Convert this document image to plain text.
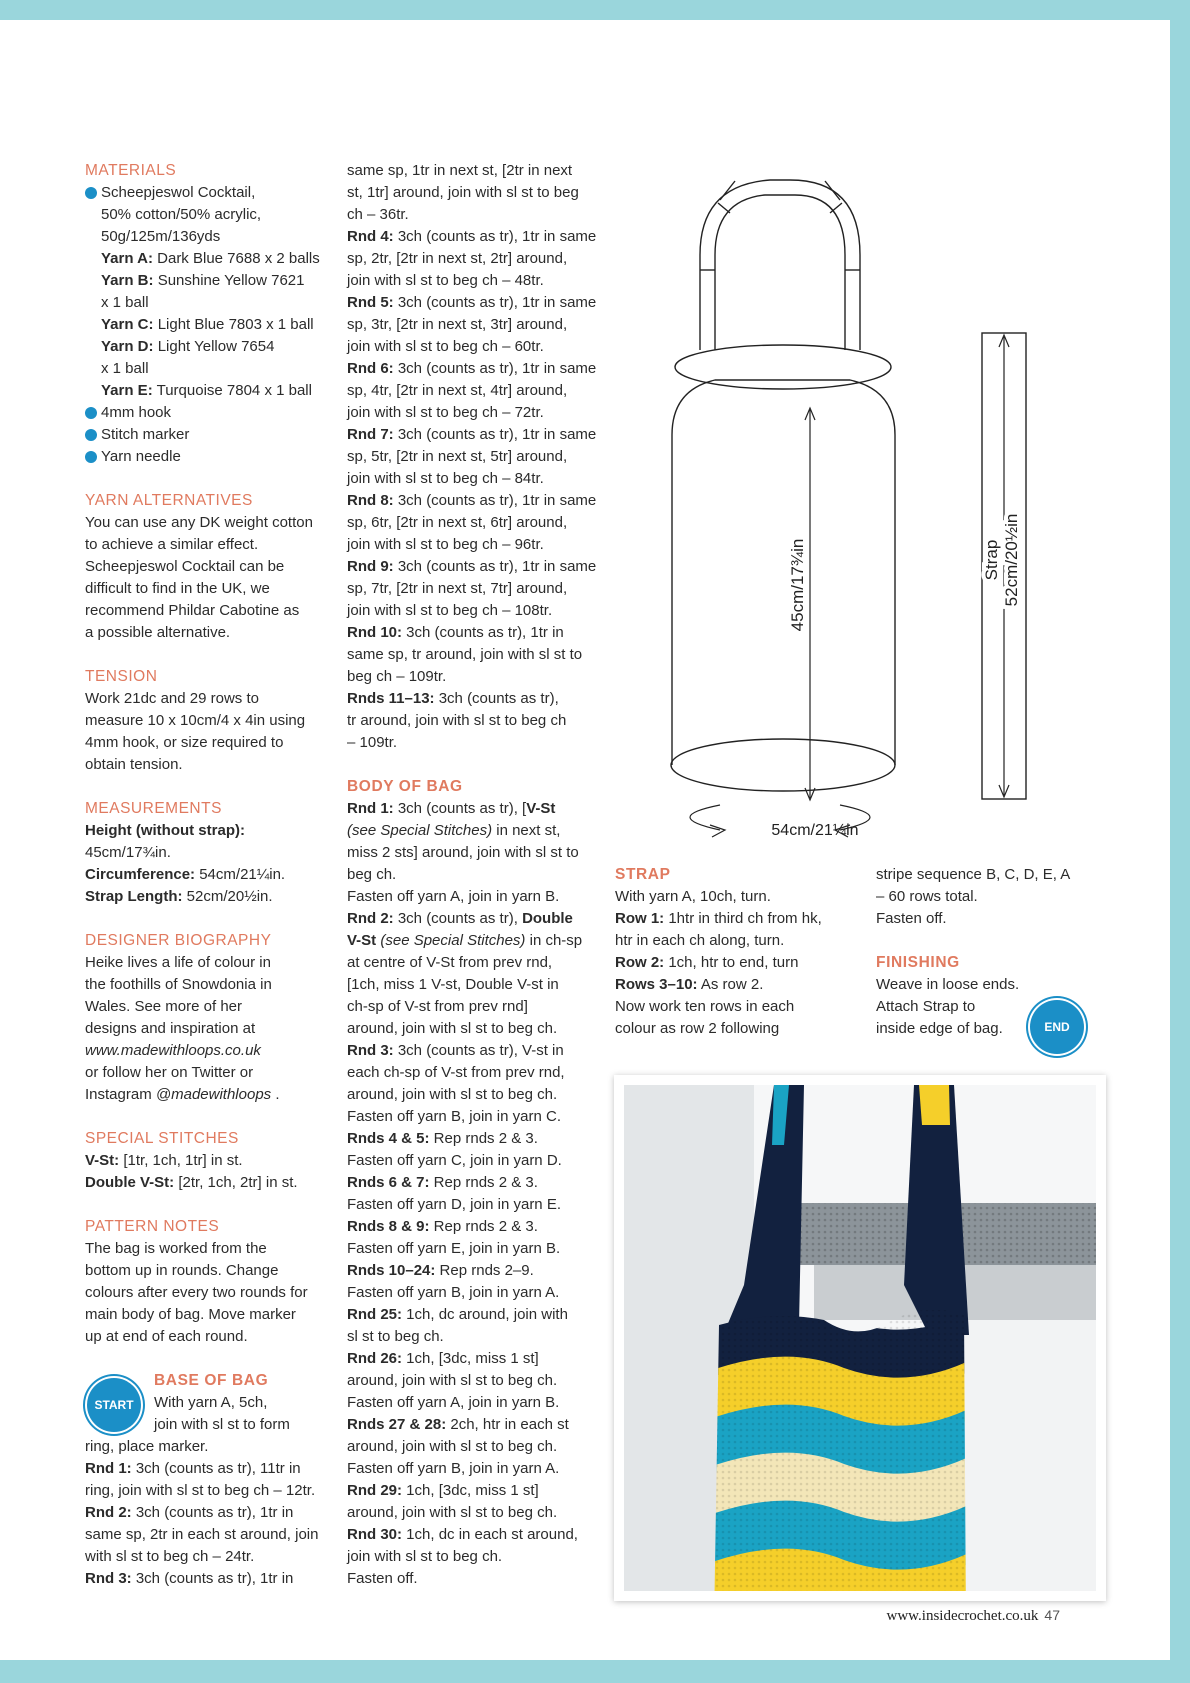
MATERIALS

Scheepjeswol Cocktail,

50% cotton/50% acrylic,

50g/125m/136yds

Yarn A: Dark Blue 7688 x 2 balls

Yarn B: Sunshine Yellow 7621

x 1 ball

Yarn C: Light Blue 7803 x 1 ball

Yarn D: Light Yellow 7654

x 1 ball

Yarn E: Turquoise 7804 x 1 ball

4mm hook
Stitch marker
Yarn needle

YARN ALTERNATIVES

You can use any DK weight cotton

to achieve a similar effect.

Scheepjeswol Cocktail can be

difficult to find in the UK, we

recommend Phildar Cabotine as

a possible alternative.

TENSION

Work 21dc and 29 rows to

measure 10 x 10cm/4 x 4in using

4mm hook, or size required to

obtain tension.

MEASUREMENTS

Height (without strap):

45cm/17¾in.

Circumference: 54cm/21¼in.

Strap Length: 52cm/20½in.

DESIGNER BIOGRAPHY

Heike lives a life of colour in

the foothills of Snowdonia in

Wales. See more of her

designs and inspiration at

www.madewithloops.co.uk

or follow her on Twitter or

Instagram @madewithloops .

SPECIAL STITCHES

V-St: [1tr, 1ch, 1tr] in st.

Double V-St: [2tr, 1ch, 2tr] in st.

PATTERN NOTES

The bag is worked from the

bottom up in rounds. Change

colours after every two rounds for

main body of bag. Move marker

up at end of each round.

START

BASE OF BAG

With yarn A, 5ch,

join with sl st to form

ring, place marker.

Rnd 1: 3ch (counts as tr), 11tr in

ring, join with sl st to beg ch – 12tr.

Rnd 2: 3ch (counts as tr), 1tr in

same sp, 2tr in each st around, join

with sl st to beg ch – 24tr.

Rnd 3: 3ch (counts as tr), 1tr in

same sp, 1tr in next st, [2tr in next

st, 1tr] around, join with sl st to beg

ch – 36tr.

Rnd 4: 3ch (counts as tr), 1tr in same

sp, 2tr, [2tr in next st, 2tr] around,

join with sl st to beg ch – 48tr.

Rnd 5: 3ch (counts as tr), 1tr in same

sp, 3tr, [2tr in next st, 3tr] around,

join with sl st to beg ch – 60tr.

Rnd 6: 3ch (counts as tr), 1tr in same

sp, 4tr, [2tr in next st, 4tr] around,

join with sl st to beg ch – 72tr.

Rnd 7: 3ch (counts as tr), 1tr in same

sp, 5tr, [2tr in next st, 5tr] around,

join with sl st to beg ch – 84tr.

Rnd 8: 3ch (counts as tr), 1tr in same

sp, 6tr, [2tr in next st, 6tr] around,

join with sl st to beg ch – 96tr.

Rnd 9: 3ch (counts as tr), 1tr in same

sp, 7tr, [2tr in next st, 7tr] around,

join with sl st to beg ch – 108tr.

Rnd 10: 3ch (counts as tr), 1tr in

same sp, tr around, join with sl st to

beg ch – 109tr.

Rnds 11–13: 3ch (counts as tr),

tr around, join with sl st to beg ch

– 109tr.

BODY OF BAG

Rnd 1: 3ch (counts as tr), [V-St

(see Special Stitches) in next st,

miss 2 sts] around, join with sl st to

beg ch.

Fasten off yarn A, join in yarn B.

Rnd 2: 3ch (counts as tr), Double

V-St (see Special Stitches) in ch-sp

at centre of V-St from prev rnd,

[1ch, miss 1 V-st, Double V-st in

ch-sp of V-st from prev rnd]

around, join with sl st to beg ch.

Rnd 3: 3ch (counts as tr), V-st in

each ch-sp of V-st from prev rnd,

around, join with sl st to beg ch.

Fasten off yarn B, join in yarn C.

Rnds 4 & 5: Rep rnds 2 & 3.

Fasten off yarn C, join in yarn D.

Rnds 6 & 7: Rep rnds 2 & 3.

Fasten off yarn D, join in yarn E.

Rnds 8 & 9: Rep rnds 2 & 3.

Fasten off yarn E, join in yarn B.

Rnds 10–24: Rep rnds 2–9.

Fasten off yarn B, join in yarn A.

Rnd 25: 1ch, dc around, join with

sl st to beg ch.

Rnd 26: 1ch, [3dc, miss 1 st]

around, join with sl st to beg ch.

Fasten off yarn A, join in yarn B.

Rnds 27 & 28: 2ch, htr in each st

around, join with sl st to beg ch.

Fasten off yarn B, join in yarn A.

Rnd 29: 1ch, [3dc, miss 1 st]

around, join with sl st to beg ch.

Rnd 30: 1ch, dc in each st around,

join with sl st to beg ch.

Fasten off.

45cm/17¾in	Strap 52cm/20½in
54cm/21¼in

STRAP

With yarn A, 10ch, turn.

Row 1: 1htr in third ch from hk,

htr in each ch along, turn.

Row 2: 1ch, htr to end, turn

Rows 3–10: As row 2.

Now work ten rows in each

colour as row 2 following

stripe sequence B, C, D, E, A

– 60 rows total.

Fasten off.

FINISHING

Weave in loose ends.

Attach Strap to

inside edge of bag.	END
www.insidecrochet.co.uk 47
